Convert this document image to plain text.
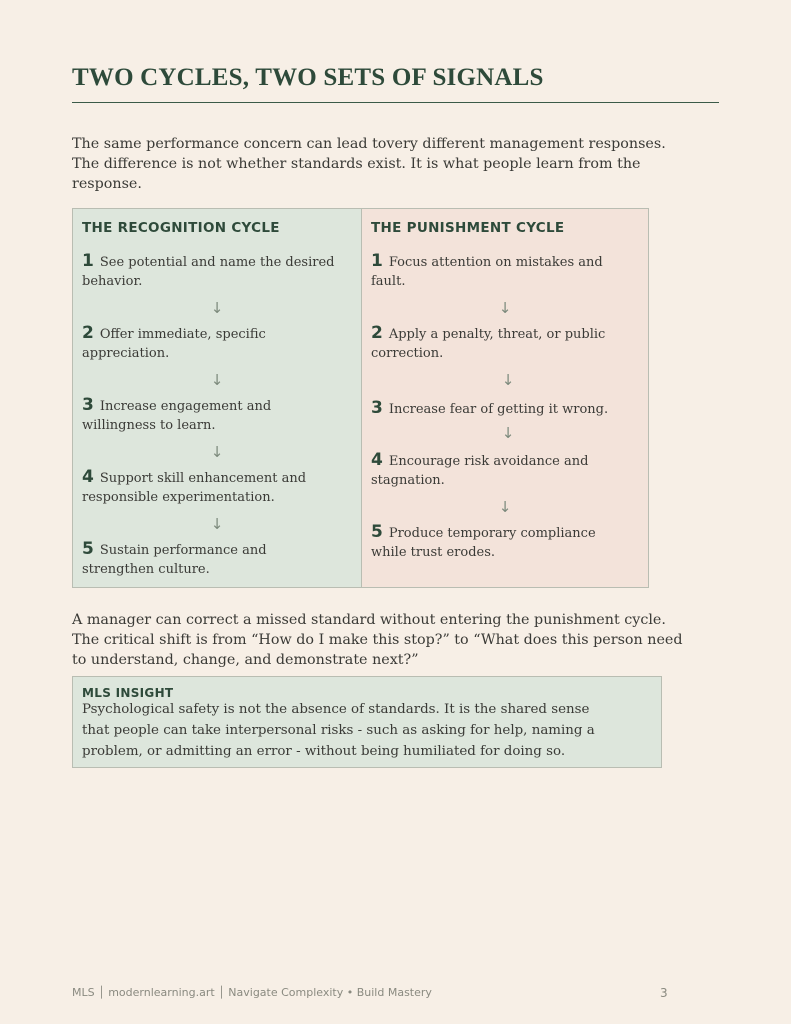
TWO CYCLES, TWO SETS OF SIGNALS

The same performance concern can lead tovery different management responses.
The difference is not whether standards exist. It is what people learn from the
response.

THE RECOGNITION CYCLE
1 See potential and name the desired
behavior.
↓
2 Offer immediate, specific
appreciation.
↓
3 Increase engagement and
willingness to learn.
↓
4 Support skill enhancement and
responsible experimentation.
↓
5 Sustain performance and
strengthen culture.
THE PUNISHMENT CYCLE
1 Focus attention on mistakes and
fault.
↓
2 Apply a penalty, threat, or public
correction.
↓
3 Increase fear of getting it wrong.
↓
4 Encourage risk avoidance and
stagnation.
↓
5 Produce temporary compliance
while trust erodes.

A manager can correct a missed standard without entering the punishment cycle.
The critical shift is from “How do I make this stop?” to “What does this person need
to understand, change, and demonstrate next?”

MLS INSIGHT
Psychological safety is not the absence of standards. It is the shared sense
that people can take interpersonal risks - such as asking for help, naming a
problem, or admitting an error - without being humiliated for doing so.
MLS │ modernlearning.art │ Navigate Complexity • Build Mastery	3
